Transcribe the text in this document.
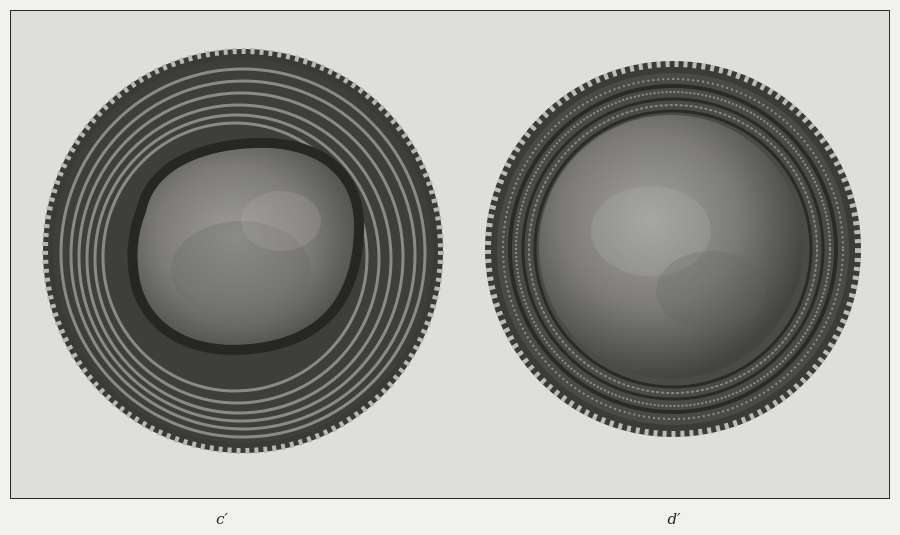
c′	d′
